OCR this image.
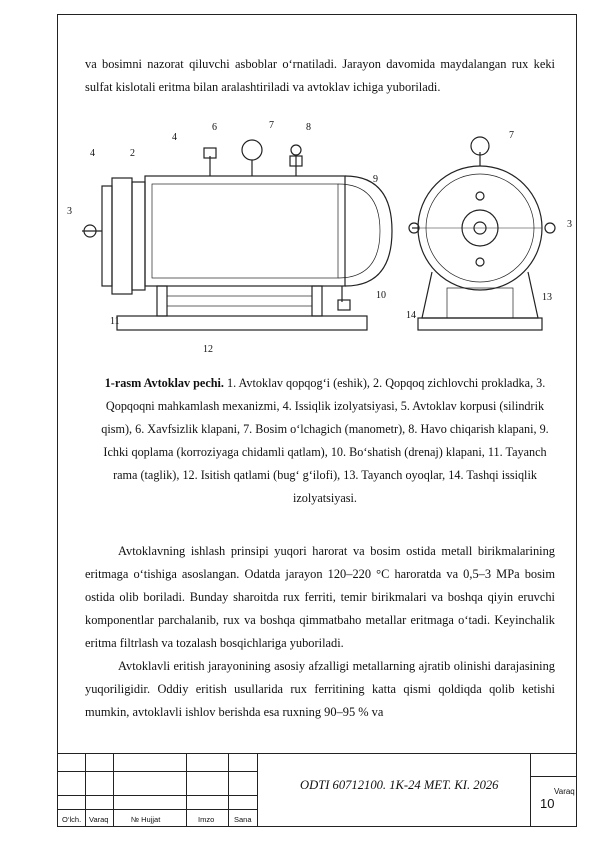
va bosimni nazorat qiluvchi asboblar o‘rnatiladi. Jarayon davomida maydalangan rux keki sulfat kislotali eritma bilan aralashtiriladi va avtoklav ichiga yuboriladi.
4	2
3
4
6	7	8
9
10
11
12
7
3
13
14
1-rasm Avtoklav pechi. 1. Avtoklav qopqog‘i (eshik), 2. Qopqoq zichlovchi prokladka, 3. Qopqoqni mahkamlash mexanizmi, 4. Issiqlik izolyatsiyasi, 5. Avtoklav korpusi (silindrik qism), 6. Xavfsizlik klapani, 7. Bosim o‘lchagich (manometr), 8. Havo chiqarish klapani, 9. Ichki qoplama (korroziyaga chidamli qatlam), 10. Bo‘shatish (drenaj) klapani, 11. Tayanch rama (taglik), 12. Isitish qatlami (bug‘ g‘ilofi), 13. Tayanch oyoqlar, 14. Tashqi issiqlik izolyatsiyasi.
Avtoklavning ishlash prinsipi yuqori harorat va bosim ostida metall birikmalarining eritmaga o‘tishiga asoslangan. Odatda jarayon 120–220 °C haroratda va 0,5–3 MPa bosim ostida olib boriladi. Bunday sharoitda rux ferriti, temir birikmalari va boshqa qiyin eruvchi komponentlar parchalanib, rux va boshqa qimmatbaho metallar eritmaga o‘tadi. Keyinchalik eritma filtrlash va tozalash bosqichlariga yuboriladi.
Avtoklavli eritish jarayonining asosiy afzalligi metallarning ajratib olinishi darajasining yuqoriligidir. Oddiy eritish usullarida rux ferritining katta qismi qoldiqda qolib ketishi mumkin, avtoklavli ishlov berishda esa ruxning 90–95 % va
O‘lch. Varaq	№ Hujjat	Imzo	Sana
ODTI 60712100. 1K-24 MET. KI. 2026	Varaq
10
